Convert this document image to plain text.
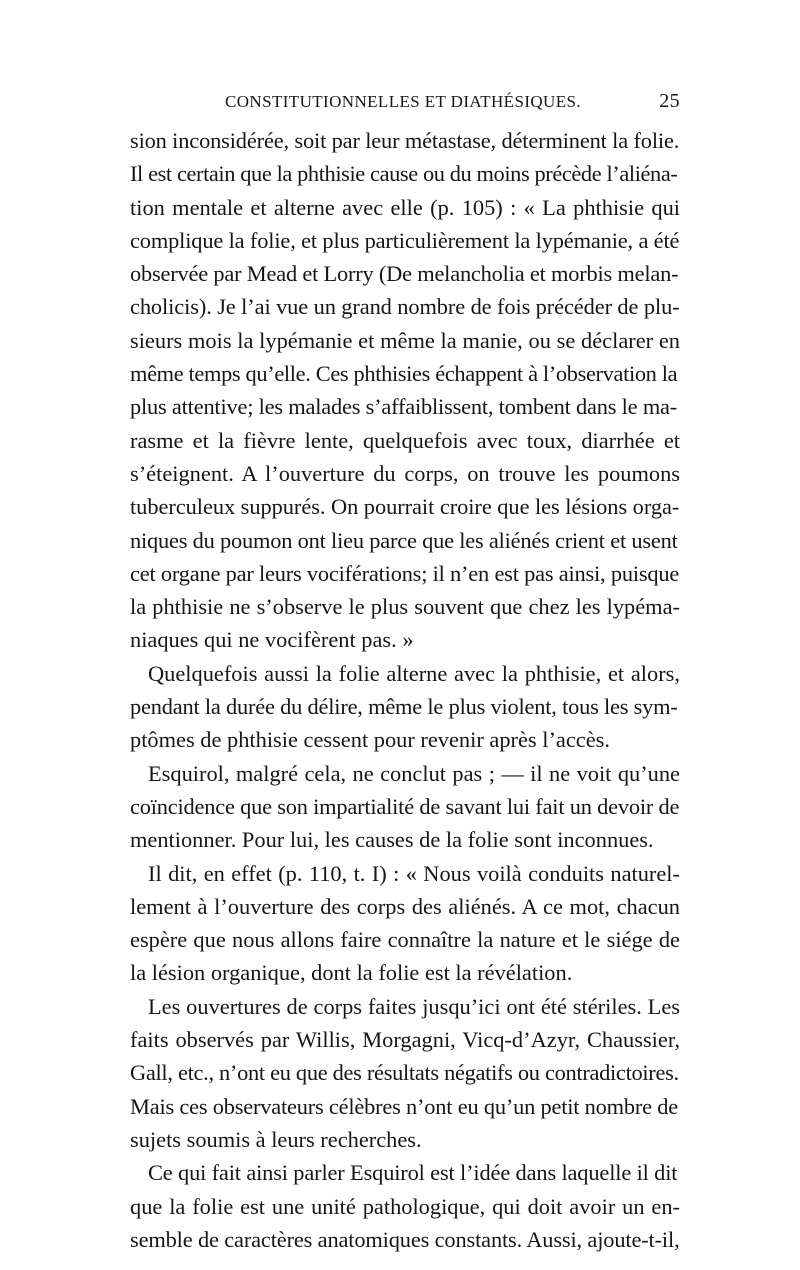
CONSTITUTIONNELLES ET DIATHÉSIQUES.	25
sion inconsidérée, soit par leur métastase, déterminent la folie.
Il est certain que la phthisie cause ou du moins précède l’aliéna-
tion mentale et alterne avec elle (p. 105) : « La phthisie qui
complique la folie, et plus particulièrement la lypémanie, a été
observée par Mead et Lorry (De melancholia et morbis melan-
cholicis). Je l’ai vue un grand nombre de fois précéder de plu-
sieurs mois la lypémanie et même la manie, ou se déclarer en
même temps qu’elle. Ces phthisies échappent à l’observation la
plus attentive; les malades s’affaiblissent, tombent dans le ma-
rasme et la fièvre lente, quelquefois avec toux, diarrhée et
s’éteignent. A l’ouverture du corps, on trouve les poumons
tuberculeux suppurés. On pourrait croire que les lésions orga-
niques du poumon ont lieu parce que les aliénés crient et usent
cet organe par leurs vociférations; il n’en est pas ainsi, puisque
la phthisie ne s’observe le plus souvent que chez les lypéma-
niaques qui ne vocifèrent pas. »
Quelquefois aussi la folie alterne avec la phthisie, et alors,
pendant la durée du délire, même le plus violent, tous les sym-
ptômes de phthisie cessent pour revenir après l’accès.
Esquirol, malgré cela, ne conclut pas ; — il ne voit qu’une
coïncidence que son impartialité de savant lui fait un devoir de
mentionner. Pour lui, les causes de la folie sont inconnues.
Il dit, en effet (p. 110, t. I) : « Nous voilà conduits naturel-
lement à l’ouverture des corps des aliénés. A ce mot, chacun
espère que nous allons faire connaître la nature et le siége de
la lésion organique, dont la folie est la révélation.
Les ouvertures de corps faites jusqu’ici ont été stériles. Les
faits observés par Willis, Morgagni, Vicq-d’Azyr, Chaussier,
Gall, etc., n’ont eu que des résultats négatifs ou contradictoires.
Mais ces observateurs célèbres n’ont eu qu’un petit nombre de
sujets soumis à leurs recherches.
Ce qui fait ainsi parler Esquirol est l’idée dans laquelle il dit
que la folie est une unité pathologique, qui doit avoir un en-
semble de caractères anatomiques constants. Aussi, ajoute-t-il,
